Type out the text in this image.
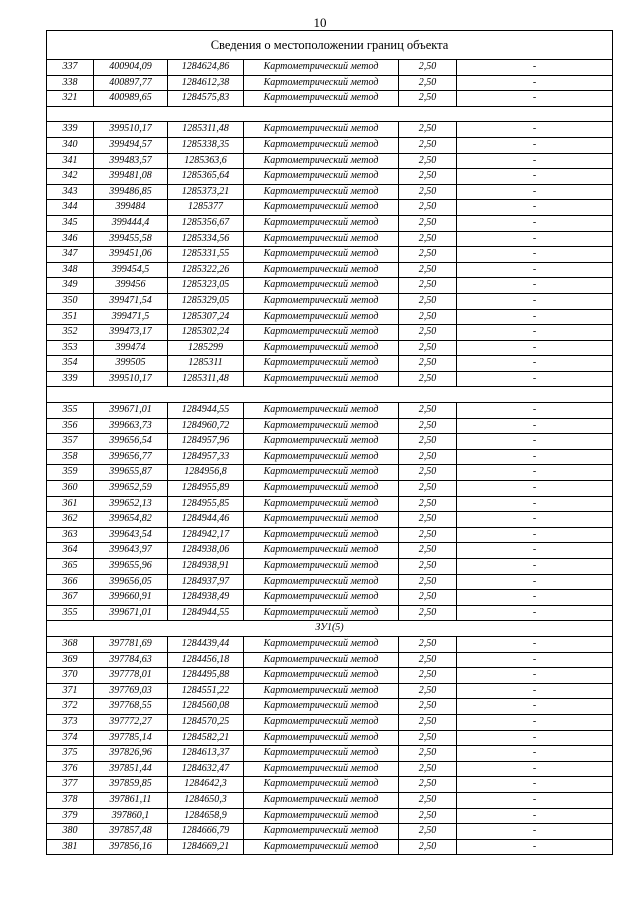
10
Сведения о местоположении границ объекта					
337	400904,09	1284624,86	Картометрический метод	2,50	-
338	400897,77	1284612,38	Картометрический метод	2,50	-
321	400989,65	1284575,83	Картометрический метод	2,50	-

339	399510,17	1285311,48	Картометрический метод	2,50	-
340	399494,57	1285338,35	Картометрический метод	2,50	-
341	399483,57	1285363,6	Картометрический метод	2,50	-
342	399481,08	1285365,64	Картометрический метод	2,50	-
343	399486,85	1285373,21	Картометрический метод	2,50	-
344	399484	1285377	Картометрический метод	2,50	-
345	399444,4	1285356,67	Картометрический метод	2,50	-
346	399455,58	1285334,56	Картометрический метод	2,50	-
347	399451,06	1285331,55	Картометрический метод	2,50	-
348	399454,5	1285322,26	Картометрический метод	2,50	-
349	399456	1285323,05	Картометрический метод	2,50	-
350	399471,54	1285329,05	Картометрический метод	2,50	-
351	399471,5	1285307,24	Картометрический метод	2,50	-
352	399473,17	1285302,24	Картометрический метод	2,50	-
353	399474	1285299	Картометрический метод	2,50	-
354	399505	1285311	Картометрический метод	2,50	-
339	399510,17	1285311,48	Картометрический метод	2,50	-

355	399671,01	1284944,55	Картометрический метод	2,50	-
356	399663,73	1284960,72	Картометрический метод	2,50	-
357	399656,54	1284957,96	Картометрический метод	2,50	-
358	399656,77	1284957,33	Картометрический метод	2,50	-
359	399655,87	1284956,8	Картометрический метод	2,50	-
360	399652,59	1284955,89	Картометрический метод	2,50	-
361	399652,13	1284955,85	Картометрический метод	2,50	-
362	399654,82	1284944,46	Картометрический метод	2,50	-
363	399643,54	1284942,17	Картометрический метод	2,50	-
364	399643,97	1284938,06	Картометрический метод	2,50	-
365	399655,96	1284938,91	Картометрический метод	2,50	-
366	399656,05	1284937,97	Картометрический метод	2,50	-
367	399660,91	1284938,49	Картометрический метод	2,50	-
355	399671,01	1284944,55	Картометрический метод	2,50	-
ЗУ1(5)					
368	397781,69	1284439,44	Картометрический метод	2,50	-
369	397784,63	1284456,18	Картометрический метод	2,50	-
370	397778,01	1284495,88	Картометрический метод	2,50	-
371	397769,03	1284551,22	Картометрический метод	2,50	-
372	397768,55	1284560,08	Картометрический метод	2,50	-
373	397772,27	1284570,25	Картометрический метод	2,50	-
374	397785,14	1284582,21	Картометрический метод	2,50	-
375	397826,96	1284613,37	Картометрический метод	2,50	-
376	397851,44	1284632,47	Картометрический метод	2,50	-
377	397859,85	1284642,3	Картометрический метод	2,50	-
378	397861,11	1284650,3	Картометрический метод	2,50	-
379	397860,1	1284658,9	Картометрический метод	2,50	-
380	397857,48	1284666,79	Картометрический метод	2,50	-
381	397856,16	1284669,21	Картометрический метод	2,50	-
